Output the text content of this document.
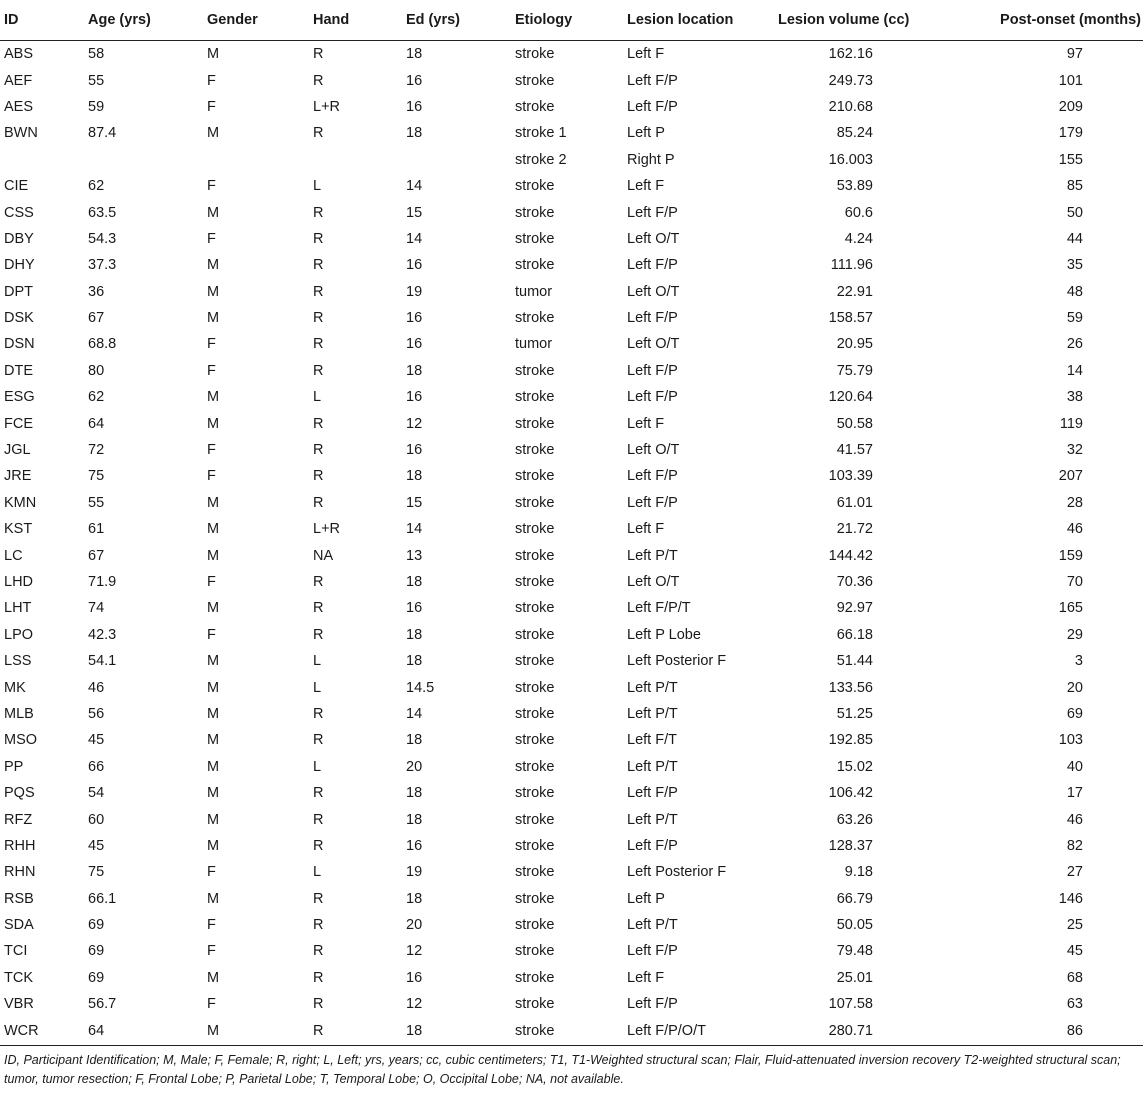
ID	Age (yrs)	Gender	Hand	Ed (yrs)	Etiology	Lesion location	Lesion volume (cc)	Post-onset (months)
ABS	58	M	R	18	stroke	Left F	162.16	97
AEF	55	F	R	16	stroke	Left F/P	249.73	101
AES	59	F	L+R	16	stroke	Left F/P	210.68	209
BWN	87.4	M	R	18	stroke 1	Left P	85.24	179
					stroke 2	Right P	16.003	155
CIE	62	F	L	14	stroke	Left F	53.89	85
CSS	63.5	M	R	15	stroke	Left F/P	60.6	50
DBY	54.3	F	R	14	stroke	Left O/T	4.24	44
DHY	37.3	M	R	16	stroke	Left F/P	111.96	35
DPT	36	M	R	19	tumor	Left O/T	22.91	48
DSK	67	M	R	16	stroke	Left F/P	158.57	59
DSN	68.8	F	R	16	tumor	Left O/T	20.95	26
DTE	80	F	R	18	stroke	Left F/P	75.79	14
ESG	62	M	L	16	stroke	Left F/P	120.64	38
FCE	64	M	R	12	stroke	Left F	50.58	119
JGL	72	F	R	16	stroke	Left O/T	41.57	32
JRE	75	F	R	18	stroke	Left F/P	103.39	207
KMN	55	M	R	15	stroke	Left F/P	61.01	28
KST	61	M	L+R	14	stroke	Left F	21.72	46
LC	67	M	NA	13	stroke	Left P/T	144.42	159
LHD	71.9	F	R	18	stroke	Left O/T	70.36	70
LHT	74	M	R	16	stroke	Left F/P/T	92.97	165
LPO	42.3	F	R	18	stroke	Left P Lobe	66.18	29
LSS	54.1	M	L	18	stroke	Left Posterior F	51.44	3
MK	46	M	L	14.5	stroke	Left P/T	133.56	20
MLB	56	M	R	14	stroke	Left P/T	51.25	69
MSO	45	M	R	18	stroke	Left F/T	192.85	103
PP	66	M	L	20	stroke	Left P/T	15.02	40
PQS	54	M	R	18	stroke	Left F/P	106.42	17
RFZ	60	M	R	18	stroke	Left P/T	63.26	46
RHH	45	M	R	16	stroke	Left F/P	128.37	82
RHN	75	F	L	19	stroke	Left Posterior F	9.18	27
RSB	66.1	M	R	18	stroke	Left P	66.79	146
SDA	69	F	R	20	stroke	Left P/T	50.05	25
TCI	69	F	R	12	stroke	Left F/P	79.48	45
TCK	69	M	R	16	stroke	Left F	25.01	68
VBR	56.7	F	R	12	stroke	Left F/P	107.58	63
WCR	64	M	R	18	stroke	Left F/P/O/T	280.71	86
ID, Participant Identification; M, Male; F, Female; R, right; L, Left; yrs, years; cc, cubic centimeters; T1, T1-Weighted structural scan; Flair, Fluid-attenuated inversion recovery T2-weighted structural scan; tumor, tumor resection; F, Frontal Lobe; P, Parietal Lobe; T, Temporal Lobe; O, Occipital Lobe; NA, not available.
